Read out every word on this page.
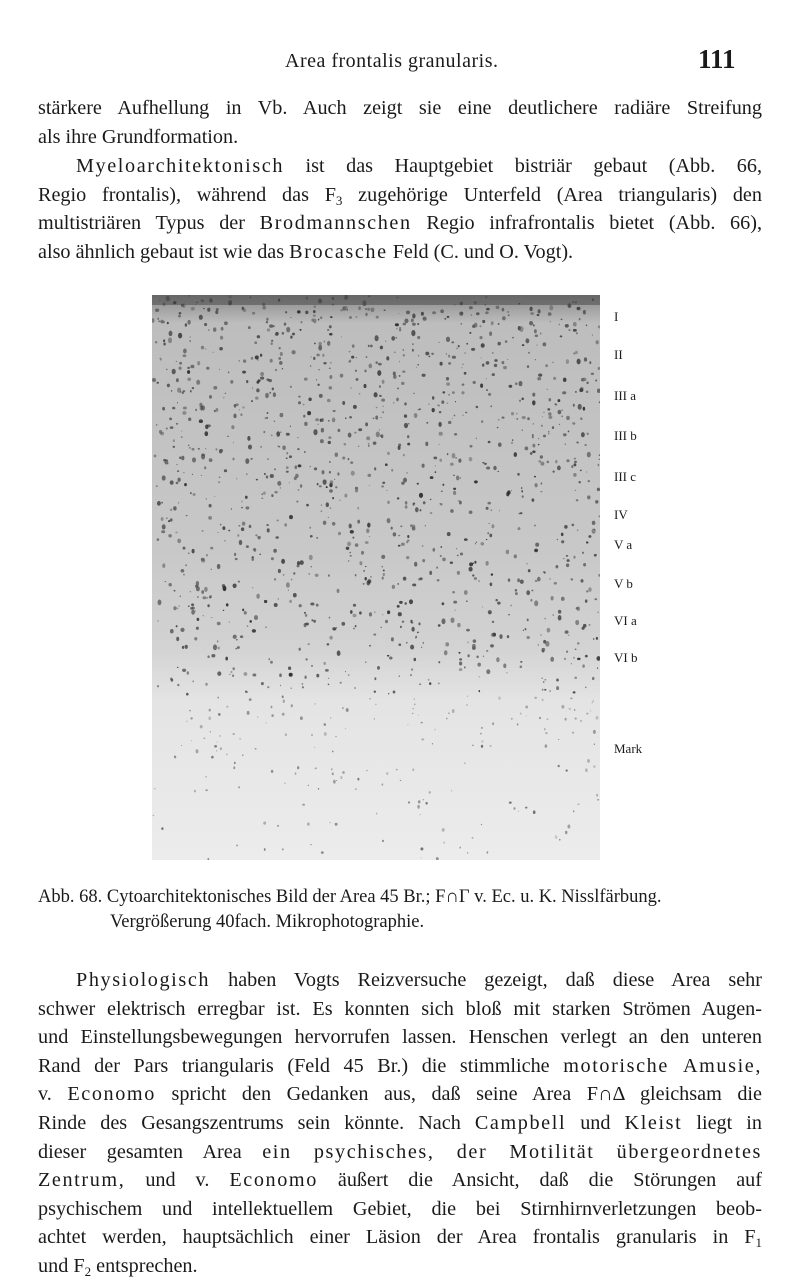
Area frontalis granularis.	111
stärkere Aufhellung in Vb. Auch zeigt sie eine deutlichere radiäre Streifung
als ihre Grundformation.
Myeloarchitektonisch ist das Hauptgebiet bistriär gebaut (Abb. 66,
Regio frontalis), während das $F_3$ zugehörige Unterfeld (Area triangularis) den
multistriären Typus der Brodmannschen Regio infrafrontalis bietet (Abb. 66),
also ähnlich gebaut ist wie das Brocasche Feld (C. und O. Vogt).
I
II
III a
III b
III c
IV
V a
V b
VI a
VI b
Mark
Abb. 68. Cytoarchitektonisches Bild der Area 45 Br.; F∩Γ v. Ec. u. K. Nisslfärbung.
Vergrößerung 40fach. Mikrophotographie.
Physiologisch haben Vogts Reizversuche gezeigt, daß diese Area sehr
schwer elektrisch erregbar ist. Es konnten sich bloß mit starken Strömen Augen-
und Einstellungsbewegungen hervorrufen lassen. Henschen verlegt an den unteren
Rand der Pars triangularis (Feld 45 Br.) die stimmliche motorische Amusie,
v. Economo spricht den Gedanken aus, daß seine Area F∩Δ gleichsam die
Rinde des Gesangszentrums sein könnte. Nach Campbell und Kleist liegt in
dieser gesamten Area ein psychisches, der Motilität übergeordnetes
Zentrum, und v. Economo äußert die Ansicht, daß die Störungen auf
psychischem und intellektuellem Gebiet, die bei Stirnhirnverletzungen beob-
achtet werden, hauptsächlich einer Läsion der Area frontalis granularis in $F_1$
und $F_2$ entsprechen.
